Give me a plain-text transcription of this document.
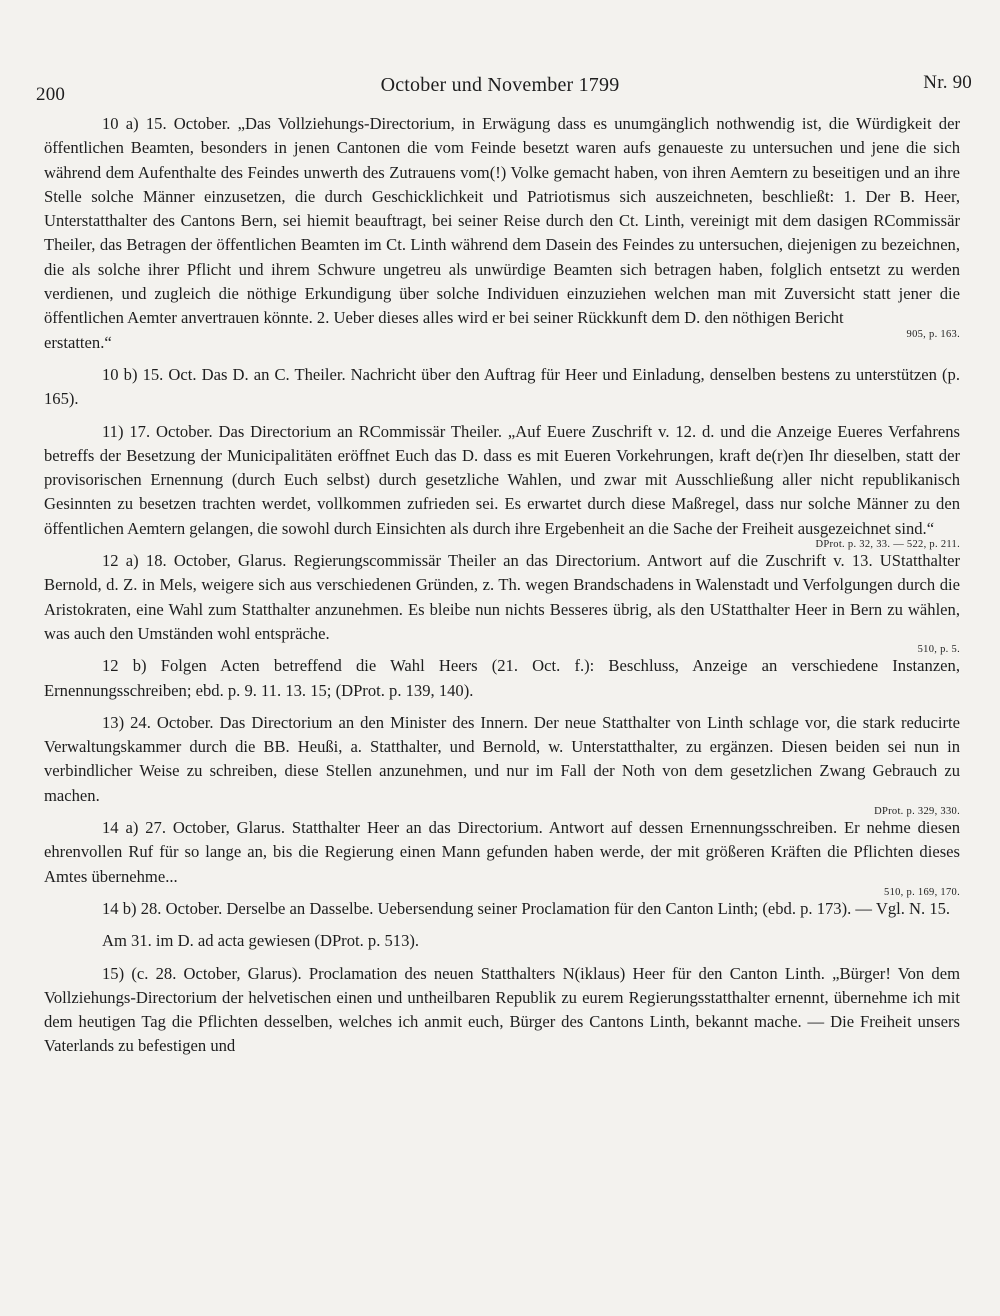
200	October und November 1799	Nr. 90

10 a) 15. October. „Das Vollziehungs-Directorium, in Erwägung dass es unumgänglich nothwendig ist, die Würdigkeit der öffentlichen Beamten, besonders in jenen Cantonen die vom Feinde besetzt waren aufs genaueste zu untersuchen und jene die sich während dem Aufenthalte des Feindes unwerth des Zutrauens vom(!) Volke gemacht haben, von ihren Aemtern zu beseitigen und an ihre Stelle solche Männer einzusetzen, die durch Geschicklichkeit und Patriotismus sich auszeichneten, beschließt: 1. Der B. Heer, Unterstatthalter des Cantons Bern, sei hiemit beauftragt, bei seiner Reise durch den Ct. Linth, vereinigt mit dem dasigen RCommissär Theiler, das Betragen der öffentlichen Beamten im Ct. Linth während dem Dasein des Feindes zu untersuchen, diejenigen zu bezeichnen, die als solche ihrer Pflicht und ihrem Schwure ungetreu als unwürdige Beamten sich betragen haben, folglich entsetzt zu werden verdienen, und zugleich die nöthige Erkundigung über solche Individuen einzuziehen welchen man mit Zuversicht statt jener die öffentlichen Aemter anvertrauen könnte. 2. Ueber dieses alles wird er bei seiner Rückkunft dem D. den nöthigen Bericht

905, p. 163.

erstatten.“

10 b) 15. Oct. Das D. an C. Theiler. Nachricht über den Auftrag für Heer und Einladung, denselben bestens zu unterstützen (p. 165).

11) 17. October. Das Directorium an RCommissär Theiler. „Auf Euere Zuschrift v. 12. d. und die Anzeige Eueres Verfahrens betreffs der Besetzung der Municipalitäten eröffnet Euch das D. dass es mit Eueren Vorkehrungen, kraft de(r)en Ihr dieselben, statt der provisorischen Ernennung (durch Euch selbst) durch gesetzliche Wahlen, und zwar mit Ausschließung aller nicht republikanisch Gesinnten zu besetzen trachten werdet, vollkommen zufrieden sei. Es erwartet durch diese Maßregel, dass nur solche Männer zu den öffentlichen Aemtern gelangen, die sowohl durch Einsichten als durch ihre Ergebenheit an die Sache der Freiheit ausgezeichnet sind.“

DProt. p. 32, 33. — 522, p. 211.

12 a) 18. October, Glarus. Regierungscommissär Theiler an das Directorium. Antwort auf die Zuschrift v. 13. UStatthalter Bernold, d. Z. in Mels, weigere sich aus verschiedenen Gründen, z. Th. wegen Brandschadens in Walenstadt und Verfolgungen durch die Aristokraten, eine Wahl zum Statthalter anzunehmen. Es bleibe nun nichts Besseres übrig, als den UStatthalter Heer in Bern zu wählen, was auch den Umständen wohl entspräche.

510, p. 5.

12 b) Folgen Acten betreffend die Wahl Heers (21. Oct. f.): Beschluss, Anzeige an verschiedene Instanzen, Ernennungsschreiben; ebd. p. 9. 11. 13. 15; (DProt. p. 139, 140).

13) 24. October. Das Directorium an den Minister des Innern. Der neue Statthalter von Linth schlage vor, die stark reducirte Verwaltungskammer durch die BB. Heußi, a. Statthalter, und Bernold, w. Unterstatthalter, zu ergänzen. Diesen beiden sei nun in verbindlicher Weise zu schreiben, diese Stellen anzunehmen, und nur im Fall der Noth von dem gesetzlichen Zwang Gebrauch zu machen.

DProt. p. 329, 330.

14 a) 27. October, Glarus. Statthalter Heer an das Directorium. Antwort auf dessen Ernennungsschreiben. Er nehme diesen ehrenvollen Ruf für so lange an, bis die Regierung einen Mann gefunden haben werde, der mit größeren Kräften die Pflichten dieses Amtes übernehme...

510, p. 169, 170.

14 b) 28. October. Derselbe an Dasselbe. Uebersendung seiner Proclamation für den Canton Linth; (ebd. p. 173). — Vgl. N. 15.

Am 31. im D. ad acta gewiesen (DProt. p. 513).

15) (c. 28. October, Glarus). Proclamation des neuen Statthalters N(iklaus) Heer für den Canton Linth. „Bürger! Von dem Vollziehungs-Directorium der helvetischen einen und untheilbaren Republik zu eurem Regierungsstatthalter ernennt, übernehme ich mit dem heutigen Tag die Pflichten desselben, welches ich anmit euch, Bürger des Cantons Linth, bekannt mache. — Die Freiheit unsers Vaterlands zu befestigen und
